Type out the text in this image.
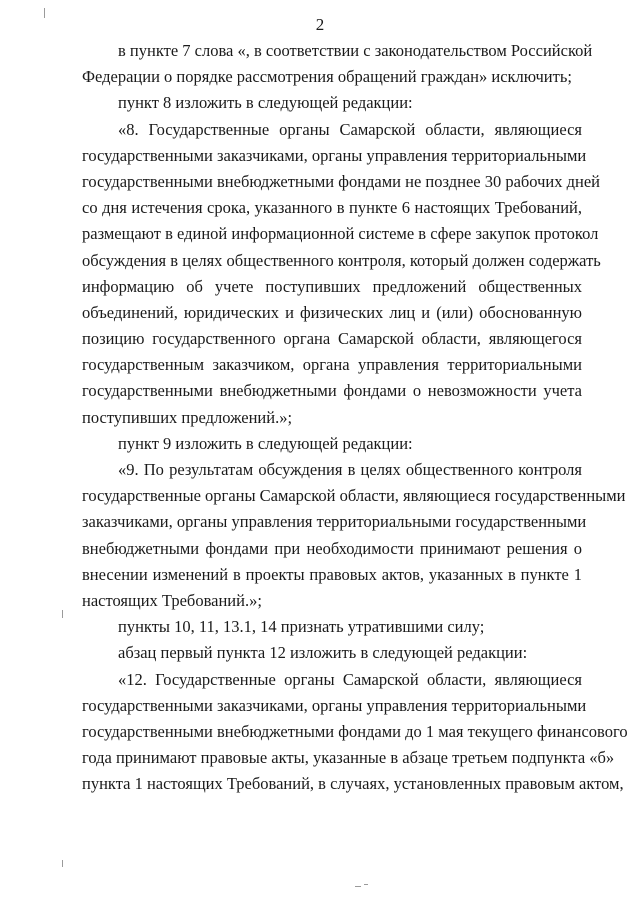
2
в пункте 7 слова «, в соответствии с законодательством Российской
Федерации о порядке рассмотрения обращений граждан» исключить;
пункт 8 изложить в следующей редакции:
«8. Государственные органы Самарской области, являющиеся
государственными заказчиками, органы управления территориальными
государственными внебюджетными фондами не позднее 30 рабочих дней
со дня истечения срока, указанного в пункте 6 настоящих Требований,
размещают в единой информационной системе в сфере закупок протокол
обсуждения в целях общественного контроля, который должен содержать
информацию об учете поступивших предложений общественных
объединений, юридических и физических лиц и (или) обоснованную
позицию государственного органа Самарской области, являющегося
государственным заказчиком, органа управления территориальными
государственными внебюджетными фондами о невозможности учета
поступивших предложений.»;
пункт 9 изложить в следующей редакции:
«9. По результатам обсуждения в целях общественного контроля
государственные органы Самарской области, являющиеся государственными
заказчиками, органы управления территориальными государственными
внебюджетными фондами при необходимости принимают решения о
внесении изменений в проекты правовых актов, указанных в пункте 1
настоящих Требований.»;
пункты 10, 11, 13.1, 14 признать утратившими силу;
абзац первый пункта 12 изложить в следующей редакции:
«12. Государственные органы Самарской области, являющиеся
государственными заказчиками, органы управления территориальными
государственными внебюджетными фондами до 1 мая текущего финансового
года принимают правовые акты, указанные в абзаце третьем подпункта «б»
пункта 1 настоящих Требований, в случаях, установленных правовым актом,
